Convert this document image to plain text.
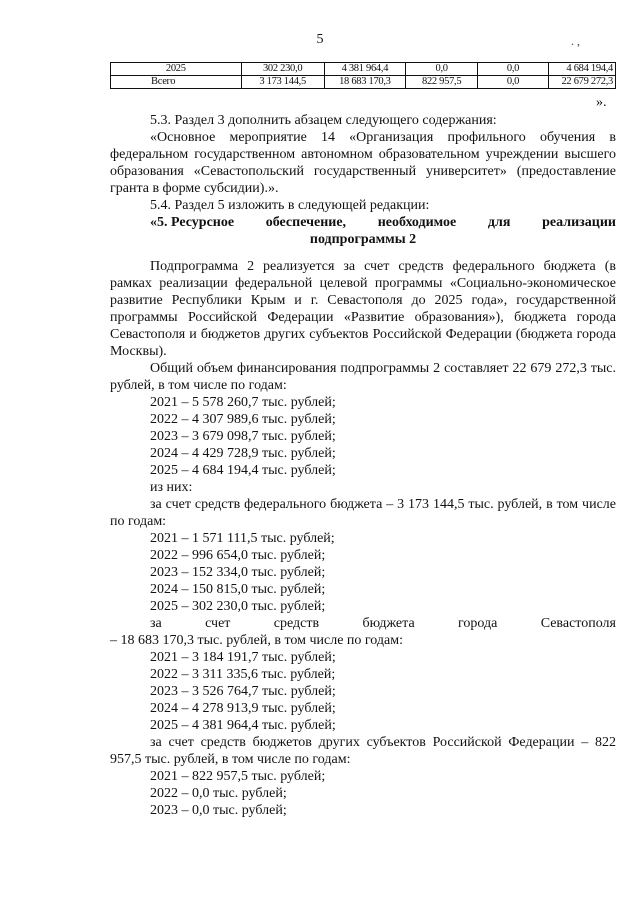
5	. ,
2025	302 230,0	4 381 964,4	0,0	0,0	4 684 194,4
Всего	3 173 144,5	18 683 170,3	822 957,5	0,0	22 679 272,3
».

5.3. Раздел 3 дополнить абзацем следующего содержания:

«Основное мероприятие 14 «Организация профильного обучения в федеральном государственном автономном образовательном учреждении высшего образования «Севастопольский государственный университет» (предоставление гранта в форме субсидии).».

5.4. Раздел 5 изложить в следующей редакции:

«5. Ресурсное обеспечение, необходимое для реализации

подпрограммы 2

Подпрограмма 2 реализуется за счет средств федерального бюджета (в рамках реализации федеральной целевой программы «Социально-экономическое развитие Республики Крым и г. Севастополя до 2025 года», государственной программы Российской Федерации «Развитие образования»), бюджета города Севастополя и бюджетов других субъектов Российской Федерации (бюджета города Москвы).

Общий объем финансирования подпрограммы 2 составляет 22 679 272,3 тыс. рублей, в том числе по годам:

2021 – 5 578 260,7 тыс. рублей;

2022 – 4 307 989,6 тыс. рублей;

2023 – 3 679 098,7 тыс. рублей;

2024 – 4 429 728,9 тыс. рублей;

2025 – 4 684 194,4 тыс. рублей;

из них:

за счет средств федерального бюджета – 3 173 144,5 тыс. рублей, в том числе по годам:

2021 – 1 571 111,5 тыс. рублей;

2022 – 996 654,0 тыс. рублей;

2023 – 152 334,0 тыс. рублей;

2024 – 150 815,0 тыс. рублей;

2025 – 302 230,0 тыс. рублей;

за	счет	средств	бюджета	города	Севастополя

– 18 683 170,3 тыс. рублей, в том числе по годам:

2021 – 3 184 191,7 тыс. рублей;

2022 – 3 311 335,6 тыс. рублей;

2023 – 3 526 764,7 тыс. рублей;

2024 – 4 278 913,9 тыс. рублей;

2025 – 4 381 964,4 тыс. рублей;

за счет средств бюджетов других субъектов Российской Федерации – 822 957,5 тыс. рублей, в том числе по годам:

2021 – 822 957,5 тыс. рублей;

2022 – 0,0 тыс. рублей;

2023 – 0,0 тыс. рублей;
